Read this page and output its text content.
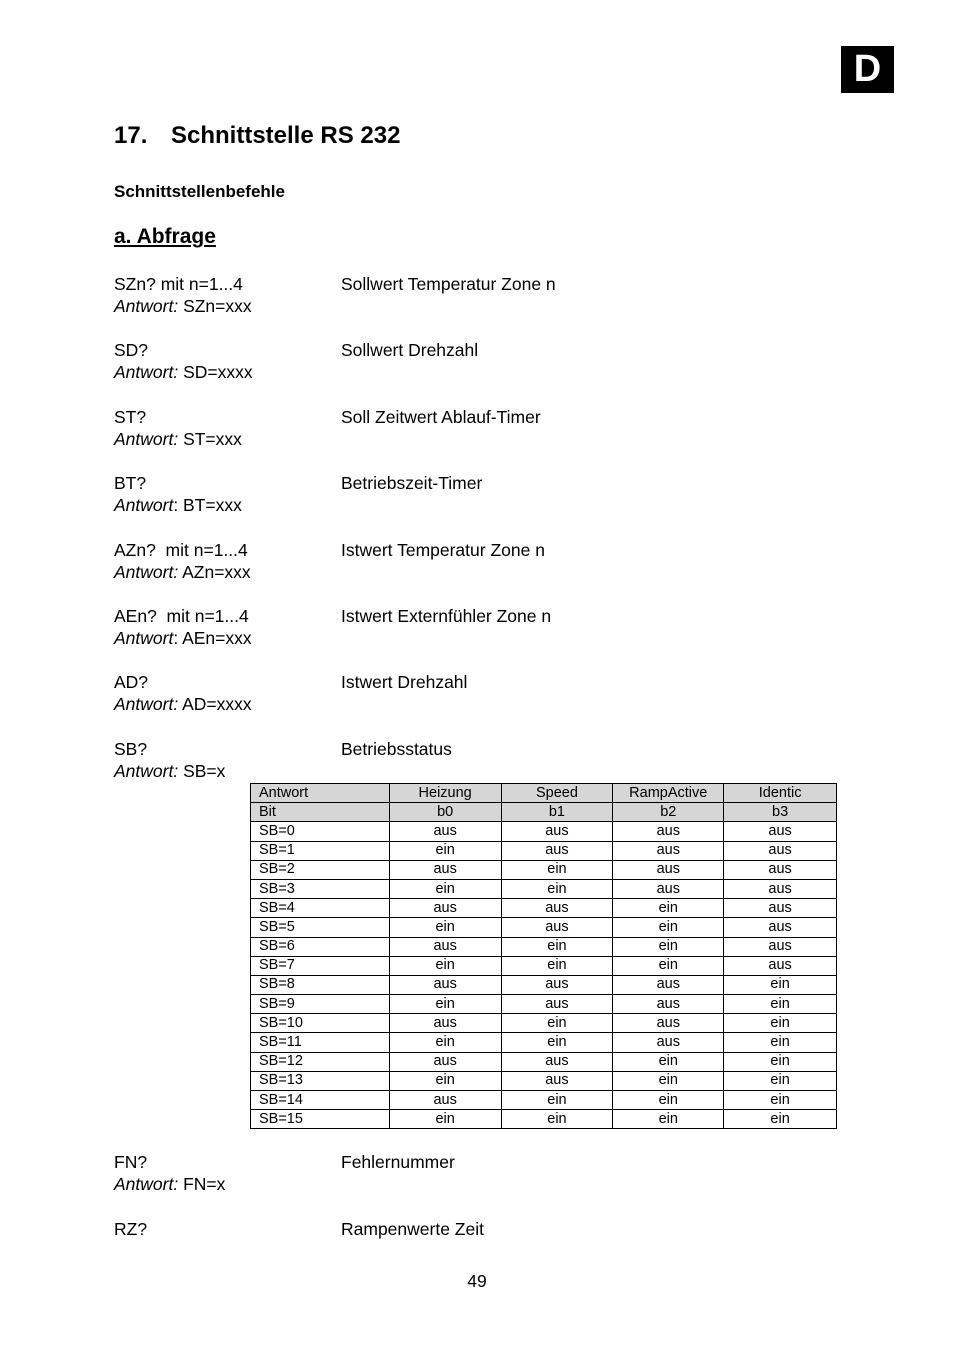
D
17. Schnittstelle RS 232
Schnittstellenbefehle
a. Abfrage
SZn? mit n=1...4
Antwort: SZn=xxx
Sollwert Temperatur Zone n
SD?
Antwort: SD=xxxx
Sollwert Drehzahl
ST?
Antwort: ST=xxx
Soll Zeitwert Ablauf-Timer
BT?
Antwort: BT=xxx
Betriebszeit-Timer
AZn?  mit n=1...4
Antwort: AZn=xxx
Istwert Temperatur Zone n
AEn?  mit n=1...4
Antwort: AEn=xxx
Istwert Externfühler Zone n
AD?
Antwort: AD=xxxx
Istwert Drehzahl
SB?
Antwort: SB=x
Betriebsstatus
Antwort	Heizung	Speed	RampActive	Identic
Bit	b0	b1	b2	b3
SB=0	aus	aus	aus	aus
SB=1	ein	aus	aus	aus
SB=2	aus	ein	aus	aus
SB=3	ein	ein	aus	aus
SB=4	aus	aus	ein	aus
SB=5	ein	aus	ein	aus
SB=6	aus	ein	ein	aus
SB=7	ein	ein	ein	aus
SB=8	aus	aus	aus	ein
SB=9	ein	aus	aus	ein
SB=10	aus	ein	aus	ein
SB=11	ein	ein	aus	ein
SB=12	aus	aus	ein	ein
SB=13	ein	aus	ein	ein
SB=14	aus	ein	ein	ein
SB=15	ein	ein	ein	ein
FN?
Antwort: FN=x
Fehlernummer
RZ?	Rampenwerte Zeit
49
